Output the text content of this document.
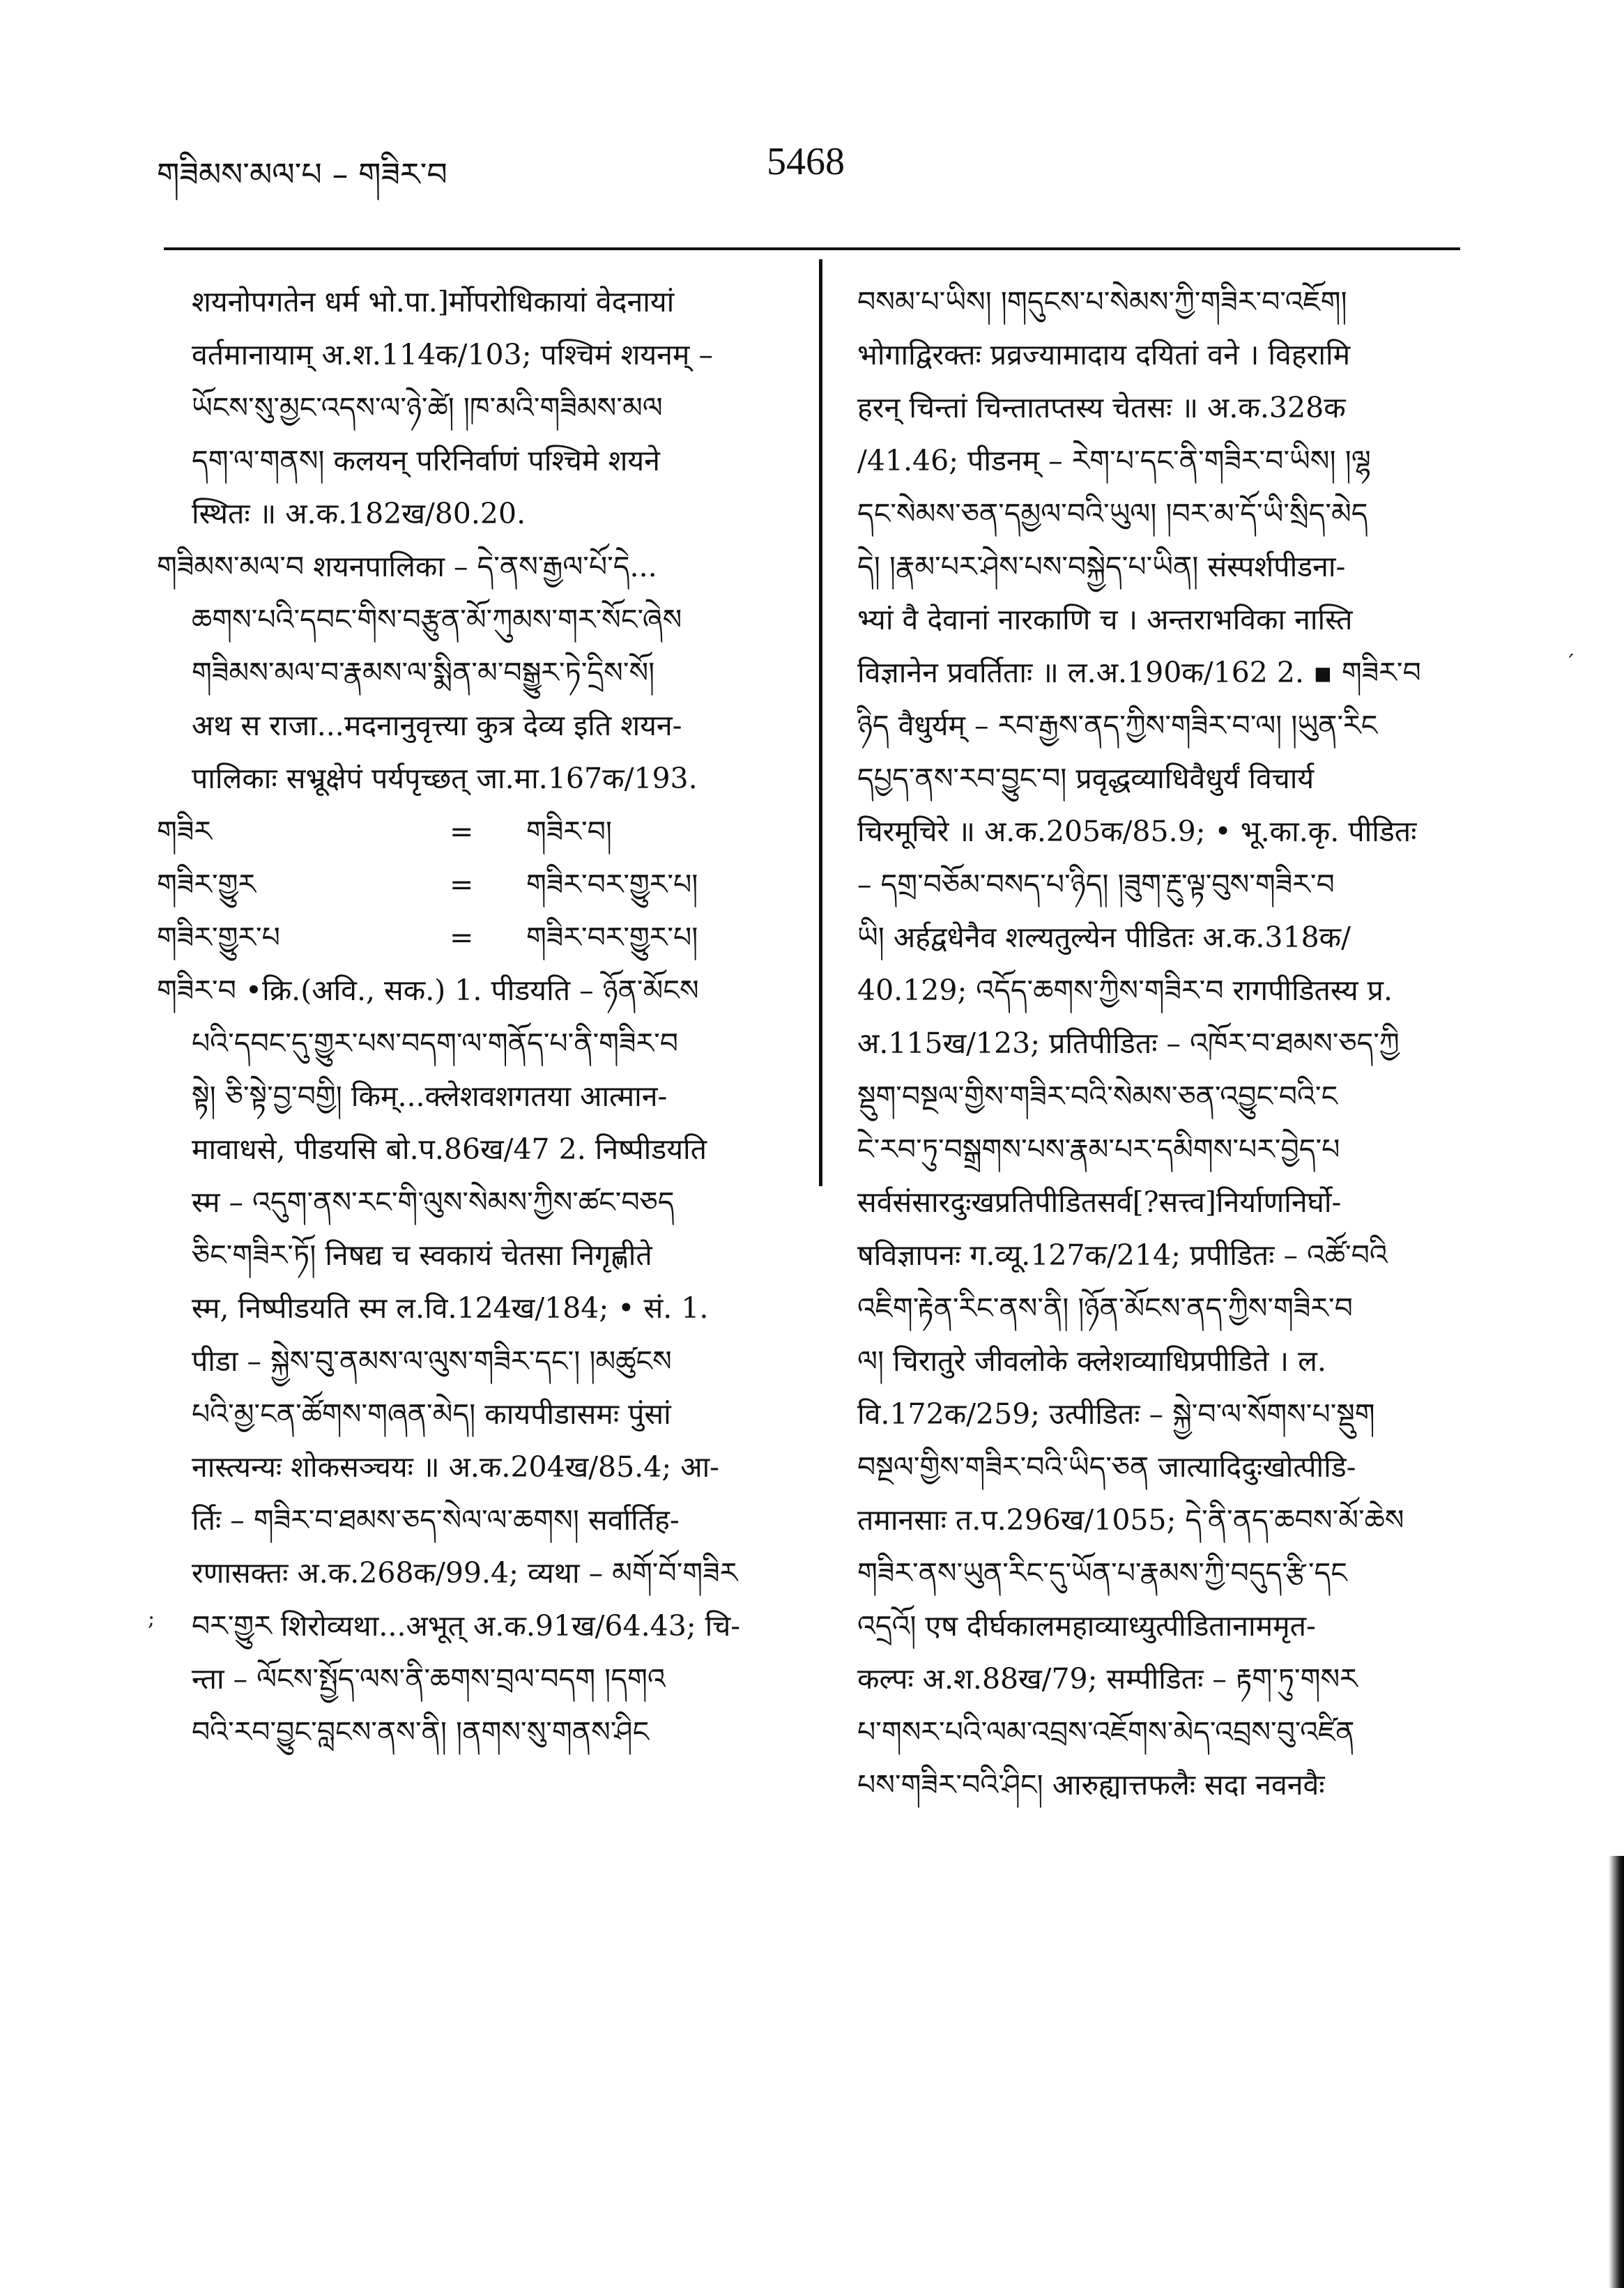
གཟིམས་མལ་པ – གཟིར་བ	5468
शयनोपगतेन धर्म भो.पा.]र्मोपरोधिकायां वेदनायां
वर्तमानायाम् अ.श.114क/103; पश्चिमं शयनम् –
ཡོངས་སུ་མྱང་འདས་ལ་ཉེ་ཚེ། །ཁ་མའི་གཟིམས་མལ
དག་ལ་གནས། कलयन् परिनिर्वाणं पश्चिमे शयने
स्थितः ॥ अ.क.182ख/80.20.
གཟིམས་མལ་བ शयनपालिका – དེ་ནས་རྒྱལ་པོ་དེ...
ཆགས་པའི་དབང་གིས་བརྩུན་མོ་ཀུམས་གར་སོང་ཞེས
གཟིམས་མལ་བ་རྣམས་ལ་སྨིན་མ་བསྒྱུར་ཏེ་དྲིས་སོ།
अथ स राजा...मदनानुवृत्त्या कुत्र देव्य इति शयन-
पालिकाः सभ्रूक्षेपं पर्यपृच्छत् जा.मा.167क/193.
གཟིར	=	གཟིར་བ།
གཟིར་གྱུར	=	གཟིར་བར་གྱུར་པ།
གཟིར་གྱུར་པ	=	གཟིར་བར་གྱུར་པ།
གཟིར་བ •क्रि.(अवि., सक.) 1. पीडयति – ཉོན་མོངས
པའི་དབང་དུ་གྱུར་པས་བདག་ལ་གནོད་པ་ནི་གཟིར་བ
སྟེ། ཅི་སྟེ་བྱ་བགྱི། किम्...क्लेशवशगतया आत्मान-
मावाधसे, पीडयसि बो.प.86ख/47 2. निष्पीडयति
स्म – འདུག་ནས་རང་གི་ལུས་སེམས་ཀྱིས་ཚང་བཅད
ཅིང་གཟིར་ཏོ། निषद्य च स्वकायं चेतसा निगृह्णीते
स्म, निष्पीडयति स्म ल.वि.124ख/184; • सं. 1.
पीडा – སྐྱེས་བུ་ནམས་ལ་ལུས་གཟིར་དང་། །མཚུངས
པའི་མྱ་ངན་ཚོགས་གཞན་མེད། कायपीडासमः पुंसां
नास्त्यन्यः शोकसञ्चयः ॥ अ.क.204ख/85.4; आ-
र्तिः – གཟིར་བ་ཐམས་ཅད་སེལ་ལ་ཆགས། सर्वार्तिह-
रणासक्तः अ.क.268क/99.4; व्यथा – མགོ་བོ་གཟིར
བར་གྱུར शिरोव्यथा...अभूत् अ.क.91ख/64.43; चि-
न्ता – ལོངས་སྤྱོད་ལས་ནི་ཆགས་བྲལ་བདག །དགའ
བའི་རབ་བྱུང་བླངས་ནས་ནི། །ནགས་སུ་གནས་ཤིང
བསམ་པ་ཡིས། །གདུངས་པ་སེམས་ཀྱི་གཟིར་བ་འཇོག།
भोगाद्विरक्तः प्रव्रज्यामादाय दयितां वने । विहरामि
हरन् चिन्तां चिन्तातप्तस्य चेतसः ॥ अ.क.328क
/41.46; पीडनम् – རེག་པ་དང་ནི་གཟིར་བ་ཡིས། །ལྷ
དང་སེམས་ཅན་དམྱལ་བའི་ཡུལ། །བར་མ་དོ་ཡི་སྲིད་མེད
དེ། །རྣམ་པར་ཤེས་པས་བསྐྱེད་པ་ཡིན། संस्पर्शपीडना-
भ्यां वै देवानां नारकाणि च । अन्तराभविका नास्ति
विज्ञानेन प्रवर्तिताः ॥ ल.अ.190क/162 2. ▪ གཟིར་བ
ཉིད वैधुर्यम् – རབ་རྒྱས་ནད་ཀྱིས་གཟིར་བ་ལ། །ཡུན་རིང
དཔྱད་ནས་རབ་བྱུང་བ། प्रवृद्धव्याधिवैधुर्यं विचार्य
चिरमूचिरे ॥ अ.क.205क/85.9; • भू.का.कृ. पीडितः
– དགྲ་བཅོམ་བསད་པ་ཉིད། །ཟུག་རྔུ་ལྟ་བུས་གཟིར་བ
ཡི། अर्हद्वधेनैव शल्यतुल्येन पीडितः अ.क.318क/
40.129; འདོད་ཆགས་ཀྱིས་གཟིར་བ रागपीडितस्य प्र.
अ.115ख/123; प्रतिपीडितः – འཁོར་བ་ཐམས་ཅད་ཀྱི
སྡུག་བསྔལ་གྱིས་གཟིར་བའི་སེམས་ཅན་འབྱུང་བའི་ང
ངེ་རབ་ཏུ་བསྒྲགས་པས་རྣམ་པར་དམིགས་པར་བྱེད་པ
सर्वसंसारदुःखप्रतिपीडितसर्व[?सत्त्व]निर्याणनिर्घो-
षविज्ञापनः ग.व्यू.127क/214; प्रपीडितः – འཚོ་བའི
འཇིག་རྟེན་རིང་ནས་ནི། །ཉོན་མོངས་ནད་ཀྱིས་གཟིར་བ
ལ། चिरातुरे जीवलोके क्लेशव्याधिप्रपीडिते । ल.
वि.172क/259; उत्पीडितः – སྐྱེ་བ་ལ་སོགས་པ་སྡུག
བསྔལ་གྱིས་གཟིར་བའི་ཡིད་ཅན जात्यादिदुःखोत्पीडि-
तमानसाः त.प.296ख/1055; དེ་ནི་ནད་ཆབས་མོ་ཆེས
གཟིར་ནས་ཡུན་རིང་དུ་ཡོན་པ་རྣམས་ཀྱི་བདུད་རྩི་དང
འདྲའོ། एष दीर्घकालमहाव्याध्युत्पीडितानाममृत-
कल्पः अ.श.88ख/79; सम्पीडितः – རྟག་ཏུ་གསར
པ་གསར་པའི་ལམ་འབྲས་འཇོགས་མེད་འབྲས་བུ་འཛིན
པས་གཟིར་བའི་ཤིང། आरुह्यात्तफलैः सदा नवनवैः
ˊ
;
